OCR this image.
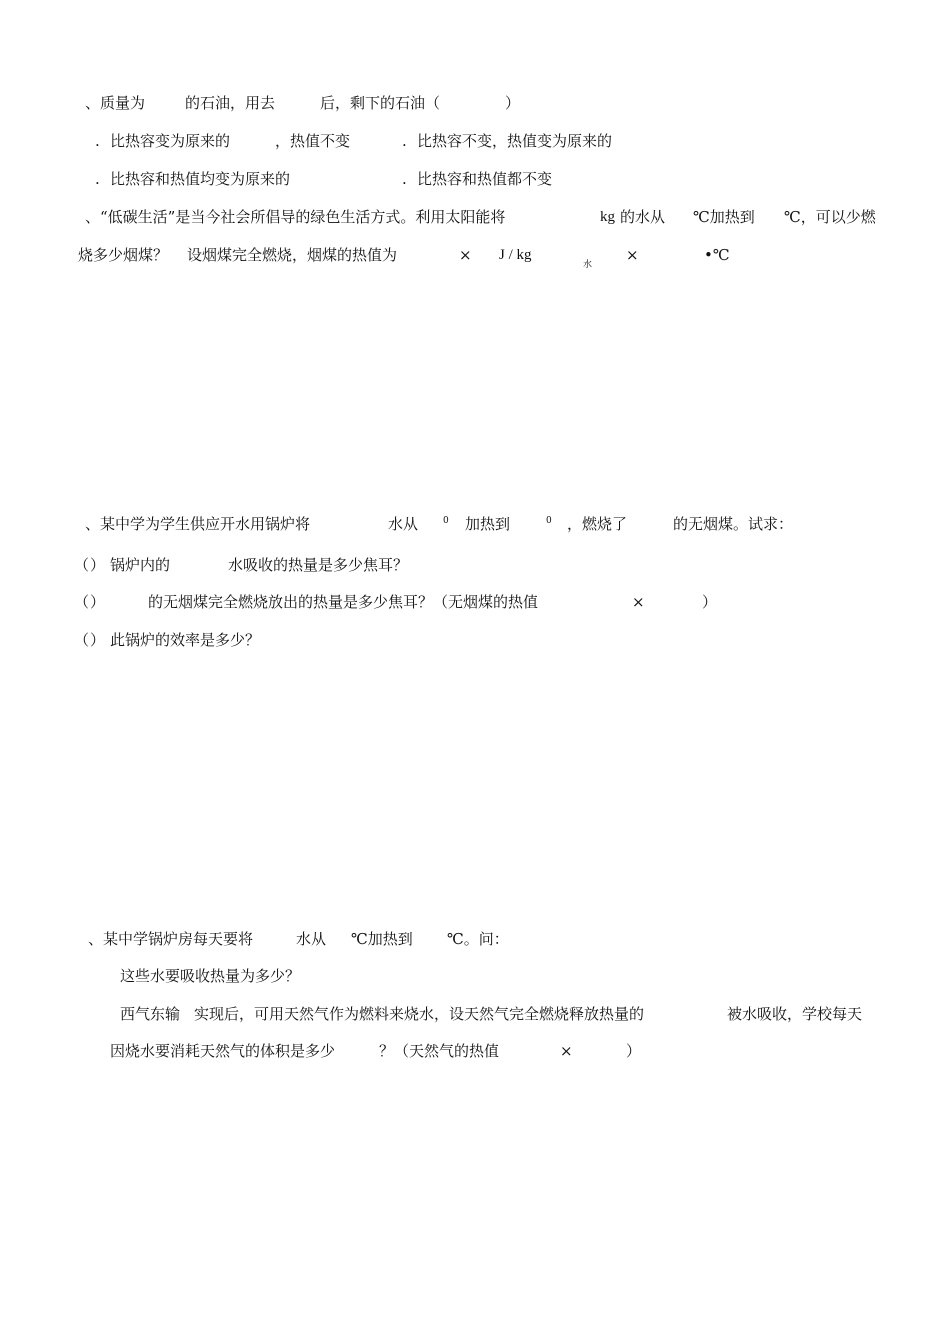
、质量为	的石油，用去	后，剩下的石油（	）
. 比热容变为原来的	，热值不变	. 比热容不变，热值变为原来的
. 比热容和热值均变为原来的	. 比热容和热值都不变
、“低碳生活”是当今社会所倡导的绿色生活方式。利用太阳能将	kg 的水从 ℃加热到 ℃，可以少燃
烧多少烟煤？ 设烟煤完全燃烧，烟煤的热值为	× J / kg
水
×	•℃
、某中学为学生供应开水用锅炉将	水从	0 加热到	0 ，燃烧了	的无烟煤。试求：
（ ） 锅炉内的	水吸收的热量是多少焦耳？
（ ）	的无烟煤完全燃烧放出的热量是多少焦耳？（无烟煤的热值	×	）
（ ） 此锅炉的效率是多少？
、某中学锅炉房每天要将	水从 ℃加热到 ℃。问：
这些水要吸收热量为多少？
西气东输 实现后，可用天然气作为燃料来烧水，设天然气完全燃烧释放热量的	被水吸收，学校每天
因烧水要消耗天然气的体积是多少	？（天然气的热值	×	）
